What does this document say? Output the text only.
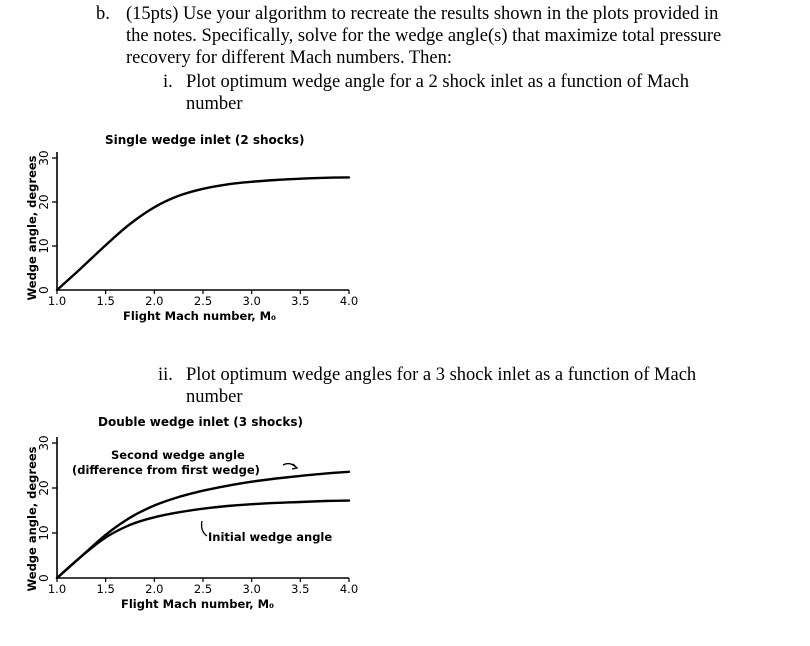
b. (15pts) Use your algorithm to recreate the results shown in the plots provided in
the notes. Specifically, solve for the wedge angle(s) that maximize total pressure
recovery for different Mach numbers. Then:
i. Plot optimum wedge angle for a 2 shock inlet as a function of Mach
number
Single wedge inlet (2 shocks)
0
10
20
30
1.0	1.5	2.0	2.5	3.0	3.5	4.0
Flight Mach number, M₀
Wedge angle, degrees
ii. Plot optimum wedge angles for a 3 shock inlet as a function of Mach
number
Double wedge inlet (3 shocks)
0
10
20
30
1.0	1.5	2.0	2.5	3.0	3.5	4.0
Flight Mach number, M₀
Wedge angle, degrees	Second wedge angle
(difference from first wedge)
Initial wedge angle
